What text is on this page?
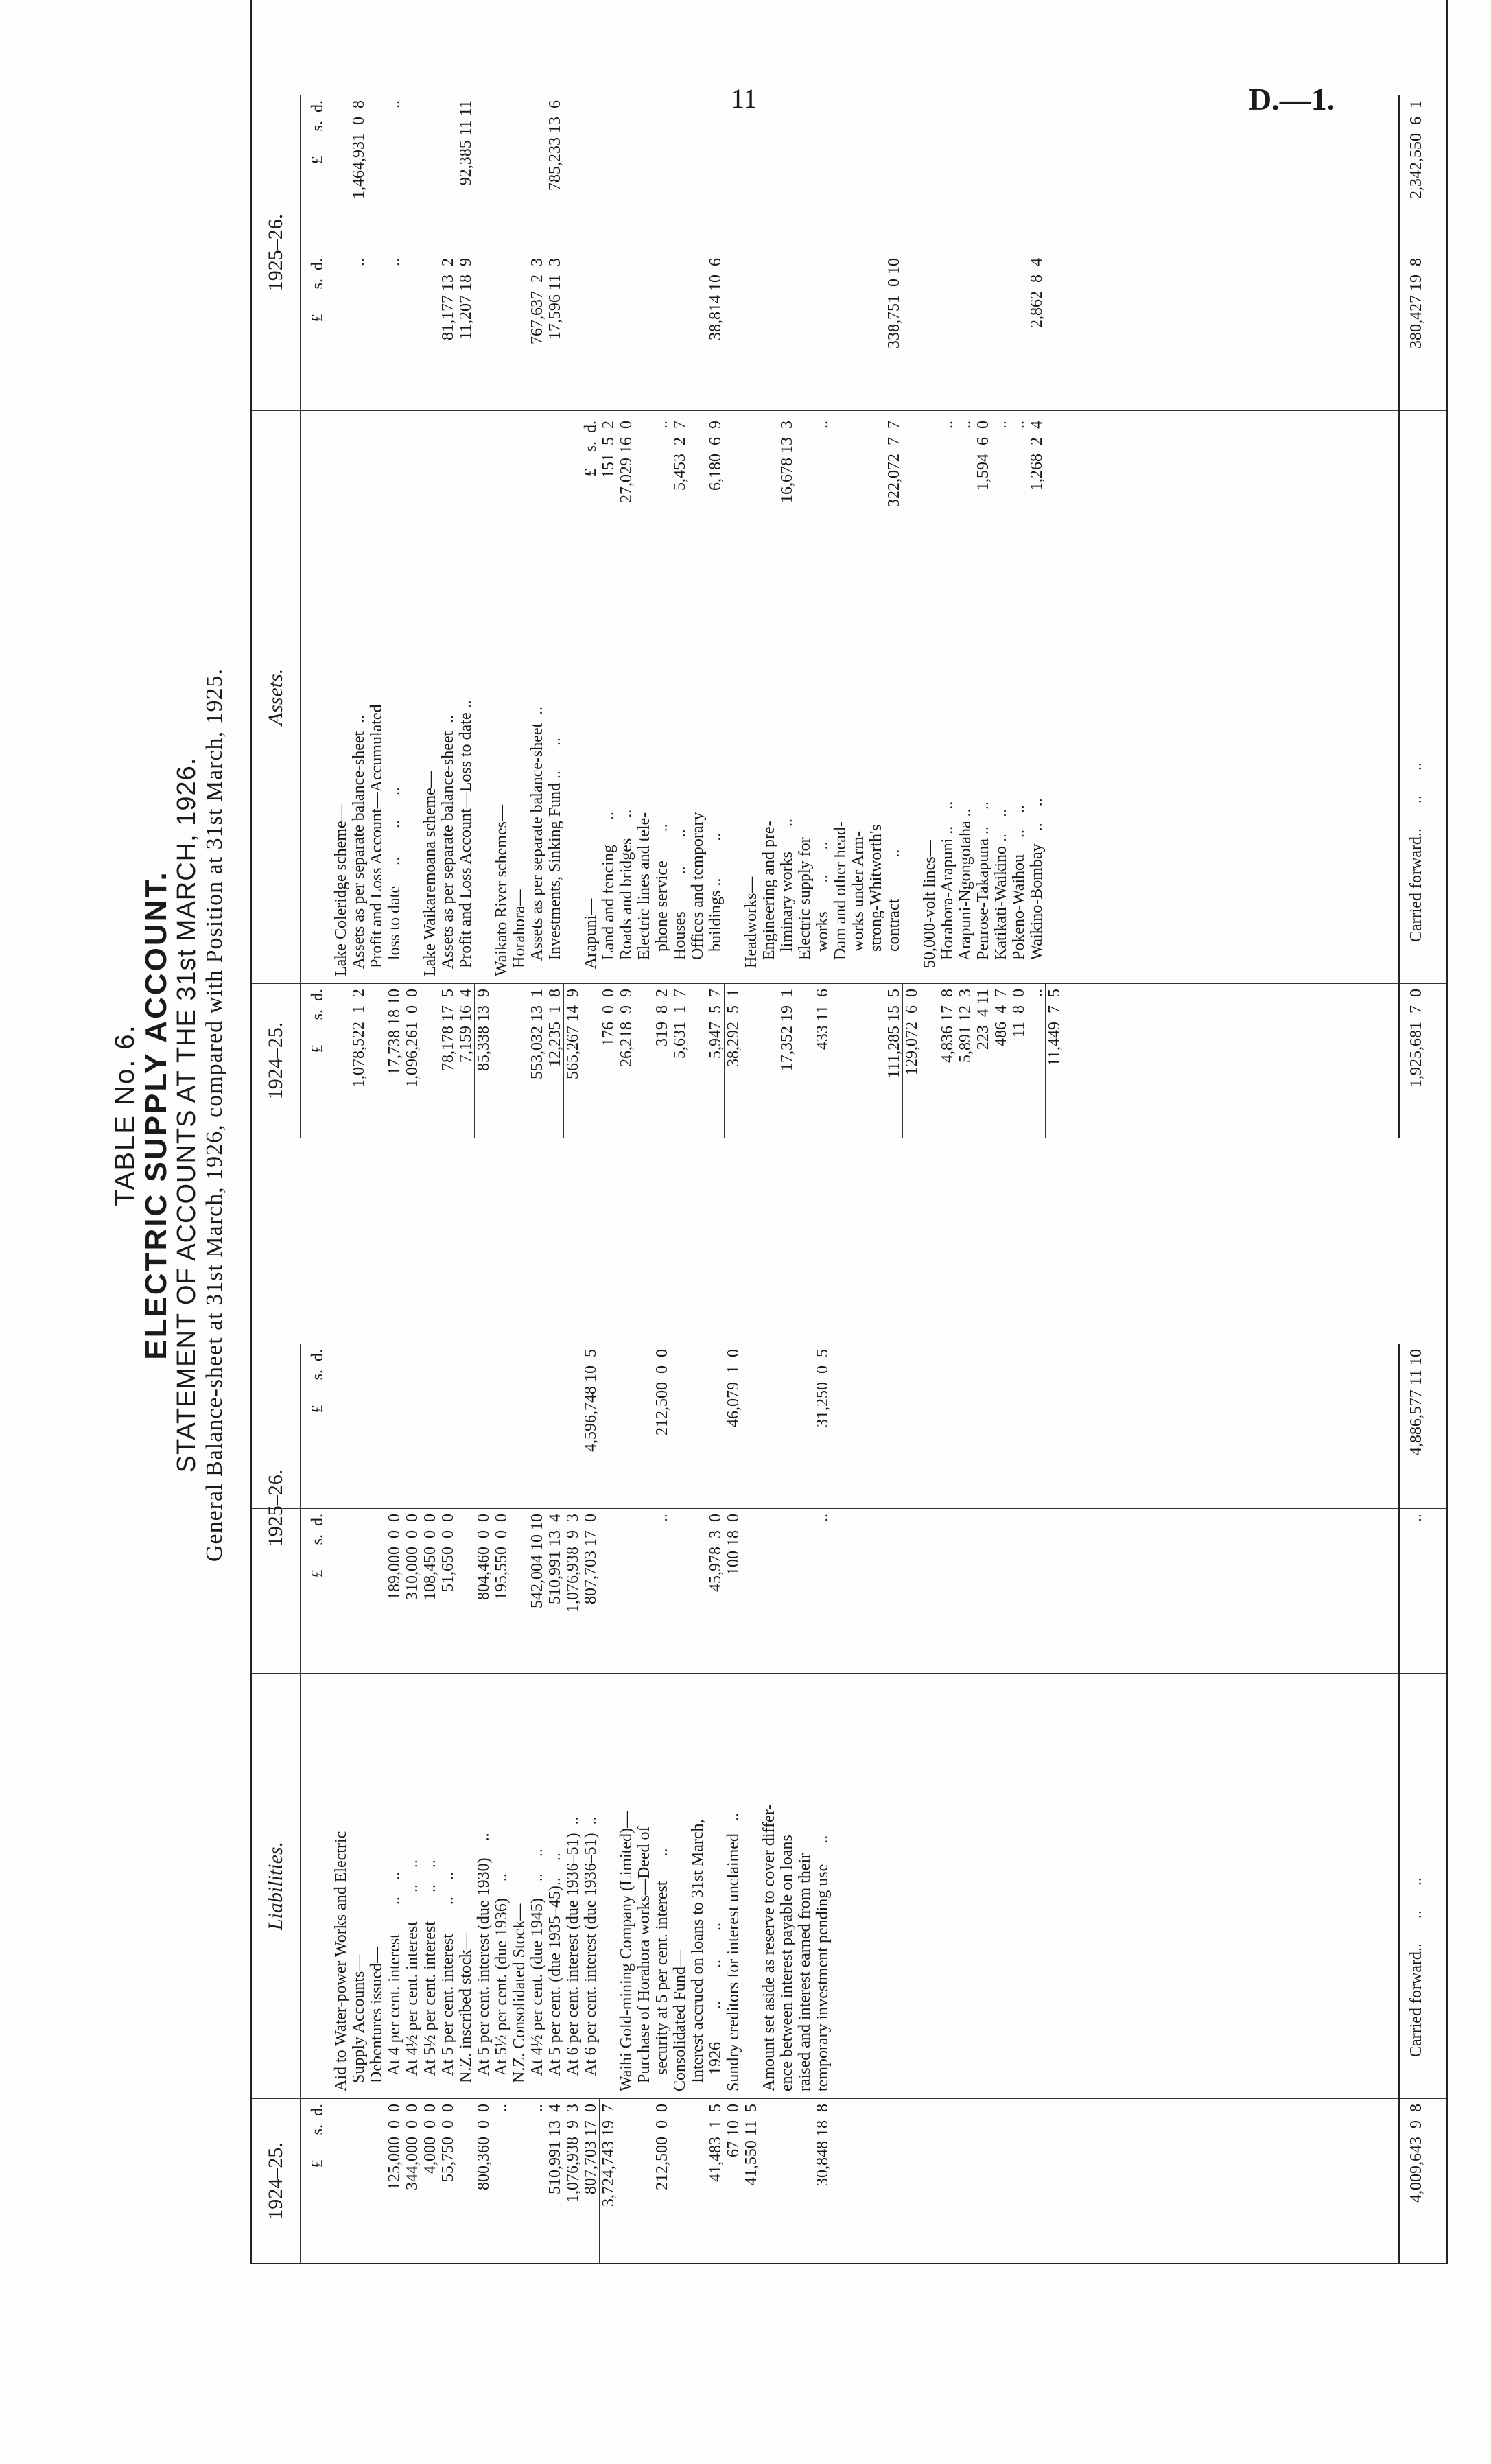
11	D.—1.
TABLE No. 6. ELECTRIC SUPPLY ACCOUNT. STATEMENT OF ACCOUNTS AT THE 31st MARCH, 1926. General Balance-sheet at 31st March, 1926, compared with Position at 31st March, 1925.
1924–25.
Liabilities.
1925–26.
£      s.  d.
£      s.  d.
£      s.  d.
Aid to Water-power Works and Electric Supply Accounts— Debentures issued— At 4 per cent. interest       ..    ..
125,000  0  0
189,000  0  0
At 4½ per cent. interest       ..    ..
344,000  0  0
310,000  0  0
At 5½ per cent. interest       ..    ..
4,000  0  0
108,450  0  0
At 5 per cent. interest       ..    ..
55,750  0  0
51,650  0  0
N.Z. inscribed stock— At 5 per cent. interest (due 1930)    ..
800,360  0  0
804,460  0  0
At 5½ per cent. (due 1936)    ..
..
195,550  0  0
N.Z. Consolidated Stock— At 4½ per cent. (due 1945)    ..    ..
..
542,004 10 10
At 5 per cent. (due 1935–45)..    ..
510,991 13  4
510,991 13  4
At 6 per cent. interest (due 1936–51)  ..
1,076,938  9  3
1,076,938  9  3
At 6 per cent. interest (due 1936–51)  ..
807,703 17  0
807,703 17  0
4,596,748 10  5
3,724,743 19  7
Waihi Gold-mining Company (Limited)— Purchase of Horahora works—Deed of security at 5 per cent. interest      ..
212,500  0  0
..
212,500  0  0
Consolidated Fund— Interest accrued on loans to 31st March, 1926        ..        ..       ..
41,483  1  5
45,978  3  0
Sundry creditors for interest unclaimed   ..
67 10  0
100 18  0
46,079  1  0
41,550 11  5
Amount set aside as reserve to cover differ- ence between interest payable on loans raised and interest earned from their temporary investment pending use     ..
30,848 18  8
..
31,250  0  5
Carried forward..      ..      ..
4,009,643  9  8
..
4,886,577 11 10
1924–25.
Assets.
1925–26.
£      s.  d.
£      s.  d.
£      s.  d.
Lake Coleridge scheme— Assets as per separate balance-sheet  ..
1,078,522  1  2
..
1,464,931  0  8
Profit and Loss Account—Accumulated loss to date     ..       ..      ..
17,738 18 10
..
..
1,096,261  0  0
Lake Waikaremoana scheme— Assets as per separate balance-sheet  ..
78,178 17  5
81,177 13  2
Profit and Loss Account—Loss to date ..
7,159 16  4
11,207 18  9
92,385 11 11
85,338 13  9
Waikato River schemes— Horahora— Assets as per separate balance-sheet  ..
553,032 13  1
767,637  2  3
Investments, Sinking Fund ..      ..
12,235  1  8
17,596 11  3
785,233 13  6
565,267 14  9
Arapuni—
£    s.  d.
Land and fencing      ..
151  5  2
176  0  0
Roads and bridges     ..
27,029 16  0
26,218  9  9
Electric lines and tele- phone service       ..
..
319  8  2
Houses         ..       ..
5,453  2  7
5,631  1  7
Offices and temporary buildings ..         ..
6,180  6  9
5,947  5  7
38,814 10  6
38,292  5  1
Headworks— Engineering and pre- liminary works      ..
16,678 13  3
17,352 19  1
Electric supply for works       ..      ..
..
433 11  6
Dam and other head- works under Arm- strong-Whitworth's contract          ..
322,072  7  7
111,285 15  5
338,751  0 10
129,072  6  0
50,000-volt lines— Horahora-Arapuni ..    ..
..
4,836 17  8
Arapuni-Ngongotaha ..
..
5,891 12  3
Penrose-Takapuna ..    ..
1,594  6  0
223  4 11
Katikati-Waikino ..    ..
..
486  4  7
Pokeno-Waihou    ..    ..
..
11  8  0
Waikino-Bombay   ..    ..
1,268  2  4
..
2,862  8  4
11,449  7  5
Carried forward..      ..      ..
1,925,681  7  0
380,427 19  8
2,342,550  6  1
